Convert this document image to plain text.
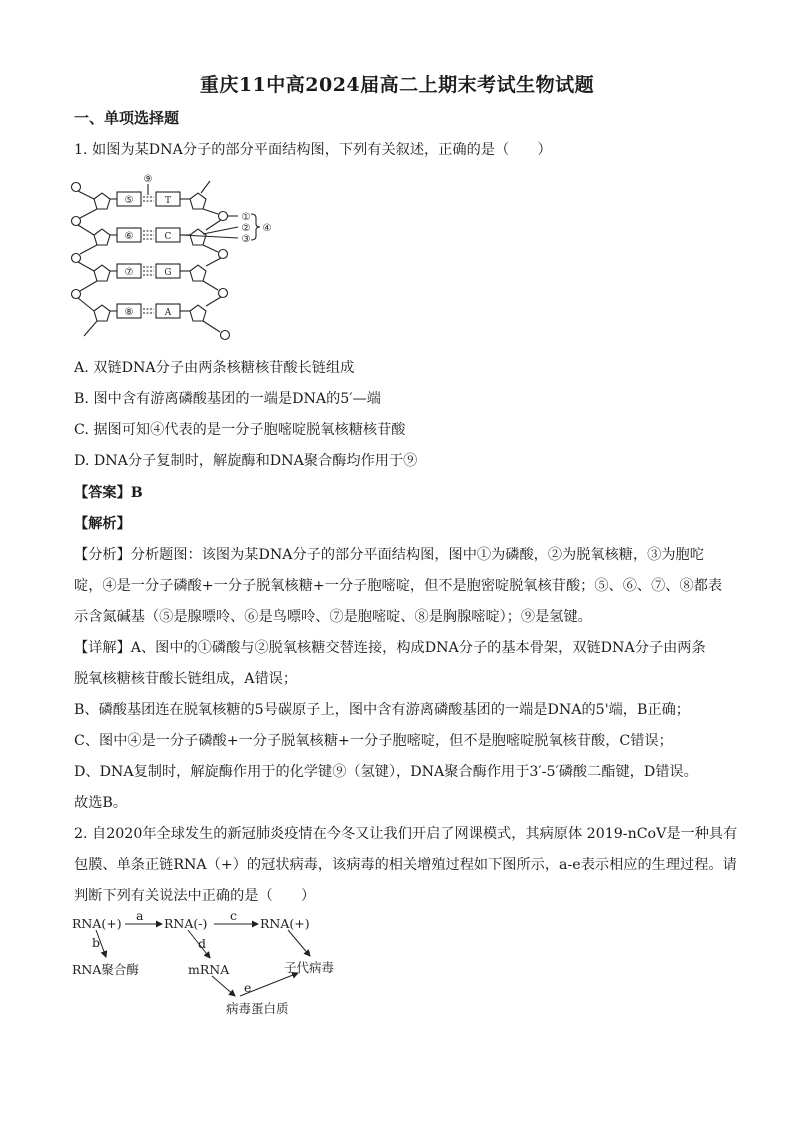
重庆11中高2024届高二上期末考试生物试题
一、单项选择题
1. 如图为某DNA分子的部分平面结构图，下列有关叙述，正确的是（　　）
⑤
⑥
⑦
⑧
T
C
G
A
⑨
①
②
③
④
A. 双链DNA分子由两条核糖核苷酸长链组成
B. 图中含有游离磷酸基团的一端是DNA的5′—端
C. 据图可知④代表的是一分子胞嘧啶脱氧核糖核苷酸
D. DNA分子复制时，解旋酶和DNA聚合酶均作用于⑨
【答案】B
【解析】
【分析】分析题图：该图为某DNA分子的部分平面结构图，图中①为磷酸，②为脱氧核糖，③为胞咜
啶，④是一分子磷酸+一分子脱氧核糖+一分子胞嘧啶，但不是胞密啶脱氧核苷酸；⑤、⑥、⑦、⑧都表
示含氮碱基（⑤是腺嘌呤、⑥是鸟嘌呤、⑦是胞嘧啶、⑧是胸腺嘧啶）；⑨是氢键。
【详解】A、图中的①磷酸与②脱氧核糖交替连接，构成DNA分子的基本骨架，双链DNA分子由两条
脱氧核糖核苷酸长链组成，A错误；
B、磷酸基团连在脱氧核糖的5号碳原子上，图中含有游离磷酸基团的一端是DNA的5'端，B正确；
C、图中④是一分子磷酸+一分子脱氧核糖+一分子胞嘧啶，但不是胞嘧啶脱氧核苷酸，C错误；
D、DNA复制时，解旋酶作用于的化学键⑨（氢键），DNA聚合酶作用于3′-5′磷酸二酯键，D错误。
故选B。
2. 自2020年全球发生的新冠肺炎疫情在今冬又让我们开启了网课模式，其病原体 2019-nCoV是一种具有
包膜、单条正链RNA（+）的冠状病毒，该病毒的相关增殖过程如下图所示，a-e表示相应的生理过程。请
判断下列有关说法中正确的是（　　）
RNA(+)	RNA(-)	RNA(+)
RNA聚合酶	mRNA	子代病毒
病毒蛋白质
a	c
b	d
e
